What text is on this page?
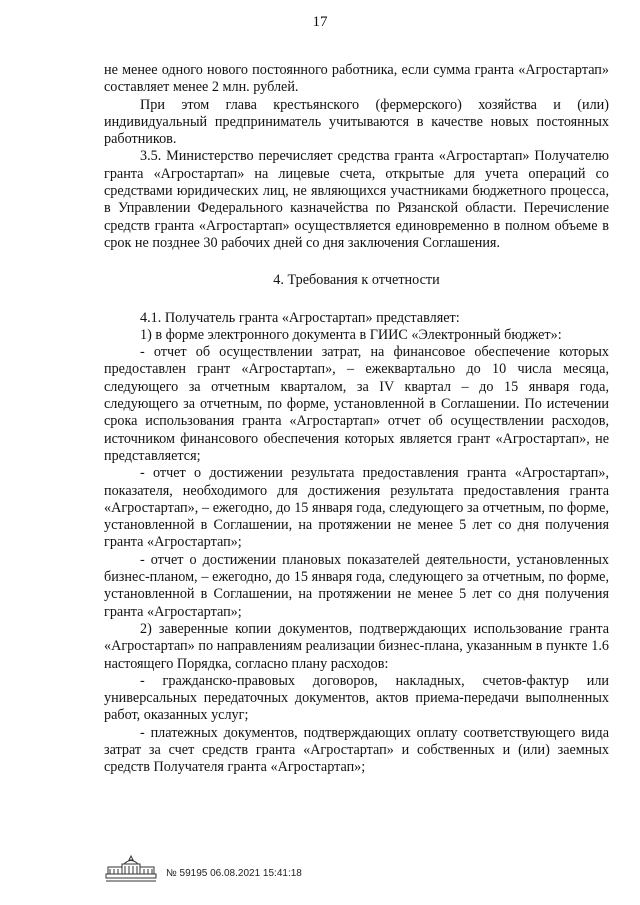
17

не менее одного нового постоянного работника, если сумма гранта «Агростартап» составляет менее 2 млн. рублей.

При этом глава крестьянского (фермерского) хозяйства и (или) индивидуальный предприниматель учитываются в качестве новых постоянных работников.

3.5. Министерство перечисляет средства гранта «Агростартап» Получателю гранта «Агростартап» на лицевые счета, открытые для учета операций со средствами юридических лиц, не являющихся участниками бюджетного процесса, в Управлении Федерального казначейства по Рязанской области. Перечисление средств гранта «Агростартап» осуществляется единовременно в полном объеме в срок не позднее 30 рабочих дней со дня заключения Соглашения.

4. Требования к отчетности

4.1. Получатель гранта «Агростартап» представляет:

1) в форме электронного документа в ГИИС «Электронный бюджет»:

- отчет об осуществлении затрат, на финансовое обеспечение которых предоставлен грант «Агростартап», – ежеквартально до 10 числа месяца, следующего за отчетным кварталом, за IV квартал – до 15 января года, следующего за отчетным, по форме, установленной в Соглашении. По истечении срока использования гранта «Агростартап» отчет об осуществлении расходов, источником финансового обеспечения которых является грант «Агростартап», не представляется;

- отчет о достижении результата предоставления гранта «Агростартап», показателя, необходимого для достижения результата предоставления гранта «Агростартап», – ежегодно, до 15 января года, следующего за отчетным, по форме, установленной в Соглашении, на протяжении не менее 5 лет со дня получения гранта «Агростартап»;

- отчет о достижении плановых показателей деятельности, установленных бизнес-планом, – ежегодно, до 15 января года, следующего за отчетным, по форме, установленной в Соглашении, на протяжении не менее 5 лет со дня получения гранта «Агростартап»;

2) заверенные копии документов, подтверждающих использование гранта «Агростартап» по направлениям реализации бизнес-плана, указанным в пункте 1.6 настоящего Порядка, согласно плану расходов:

- гражданско-правовых договоров, накладных, счетов-фактур или универсальных передаточных документов, актов приема-передачи выполненных работ, оказанных услуг;

- платежных документов, подтверждающих оплату соответствующего вида затрат за счет средств гранта «Агростартап» и собственных и (или) заемных средств Получателя гранта «Агростартап»;

№ 59195 06.08.2021 15:41:18
